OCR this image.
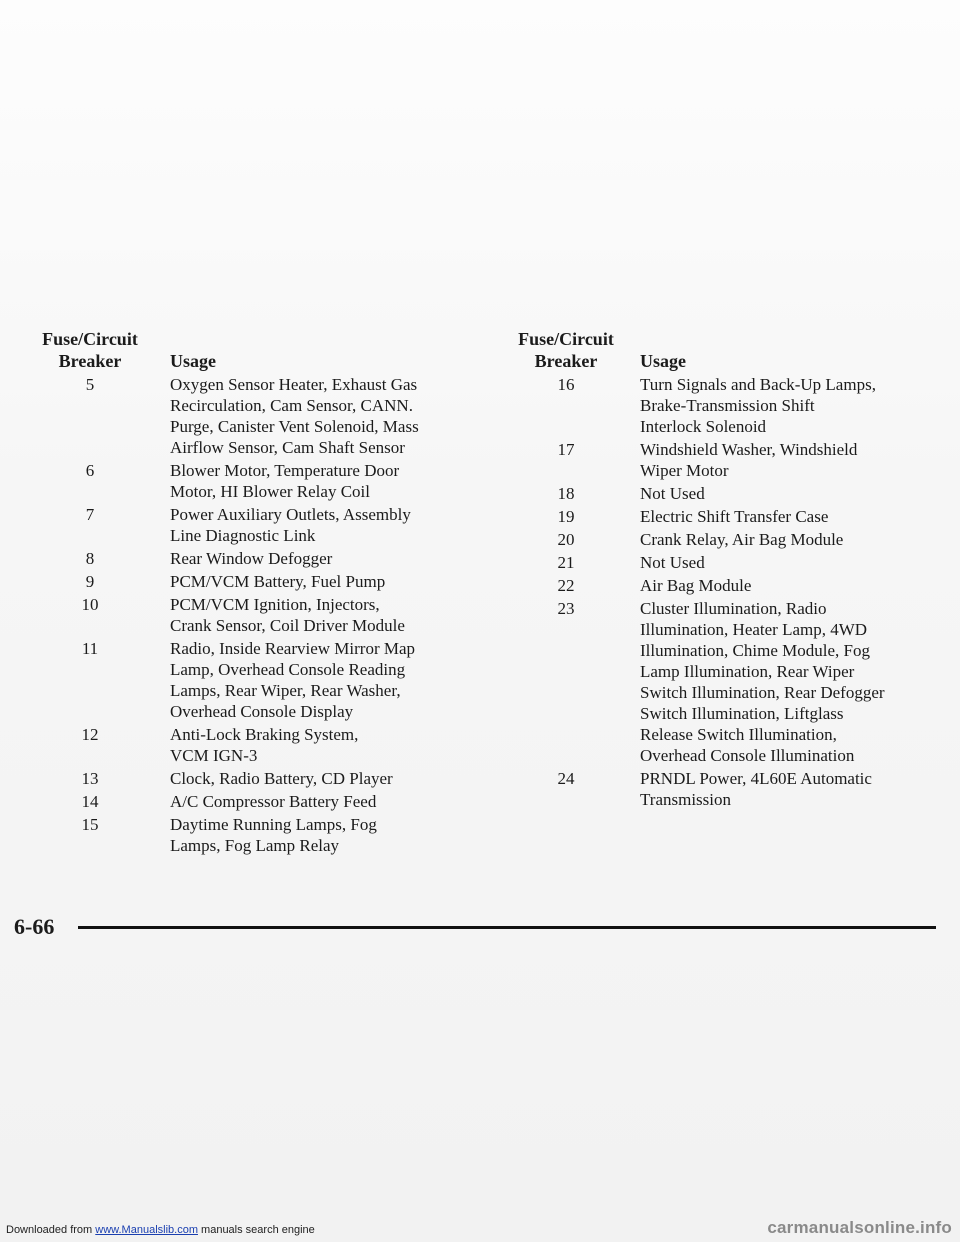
Fuse/Circuit
Breaker	Usage
5	Oxygen Sensor Heater, Exhaust Gas
Recirculation, Cam Sensor, CANN.
Purge, Canister Vent Solenoid, Mass
Airflow Sensor, Cam Shaft Sensor
6	Blower Motor, Temperature Door
Motor, HI Blower Relay Coil
7	Power Auxiliary Outlets, Assembly
Line Diagnostic Link
8	Rear Window Defogger
9	PCM/VCM Battery, Fuel Pump
10	PCM/VCM Ignition, Injectors,
Crank Sensor, Coil Driver Module
11	Radio, Inside Rearview Mirror Map
Lamp, Overhead Console Reading
Lamps, Rear Wiper, Rear Washer,
Overhead Console Display
12	Anti-Lock Braking System,
VCM IGN-3
13	Clock, Radio Battery, CD Player
14	A/C Compressor Battery Feed
15	Daytime Running Lamps, Fog
Lamps, Fog Lamp Relay
Fuse/Circuit
Breaker	Usage
16	Turn Signals and Back-Up Lamps,
Brake-Transmission Shift
Interlock Solenoid
17	Windshield Washer, Windshield
Wiper Motor
18	Not Used
19	Electric Shift Transfer Case
20	Crank Relay, Air Bag Module
21	Not Used
22	Air Bag Module
23	Cluster Illumination, Radio
Illumination, Heater Lamp, 4WD
Illumination, Chime Module, Fog
Lamp Illumination, Rear Wiper
Switch Illumination, Rear Defogger
Switch Illumination, Liftglass
Release Switch Illumination,
Overhead Console Illumination
24	PRNDL Power, 4L60E Automatic
Transmission
6-66
Downloaded from www.Manualslib.com manuals search engine	carmanualsonline.info
